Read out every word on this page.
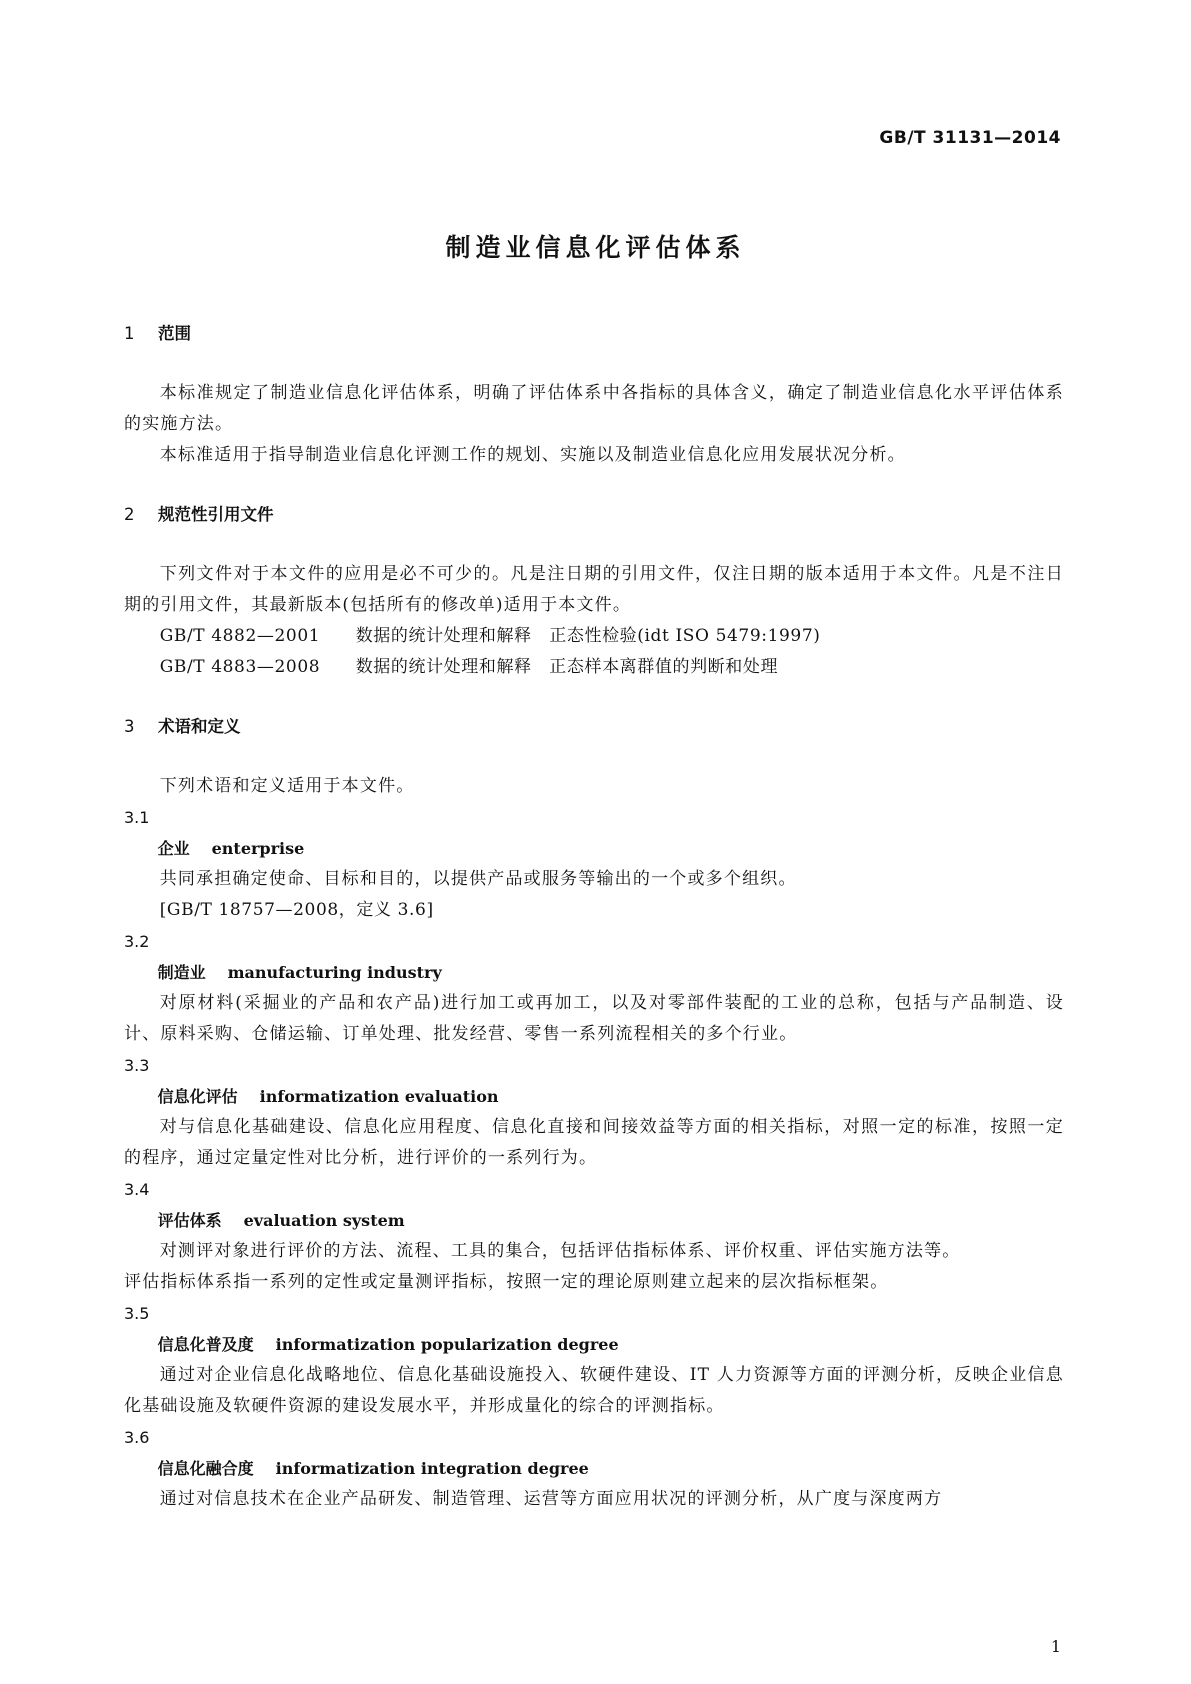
GB/T 31131—2014
制造业信息化评估体系
1 范围

本标准规定了制造业信息化评估体系，明确了评估体系中各指标的具体含义，确定了制造业信息化水平评估体系的实施方法。

本标准适用于指导制造业信息化评测工作的规划、实施以及制造业信息化应用发展状况分析。

2 规范性引用文件

下列文件对于本文件的应用是必不可少的。凡是注日期的引用文件，仅注日期的版本适用于本文件。凡是不注日期的引用文件，其最新版本(包括所有的修改单)适用于本文件。

GB/T 4882—2001 数据的统计处理和解释　正态性检验(idt ISO 5479:1997)
GB/T 4883—2008 数据的统计处理和解释　正态样本离群值的判断和处理
3 术语和定义

下列术语和定义适用于本文件。

3.1
企业 enterprise

共同承担确定使命、目标和目的，以提供产品或服务等输出的一个或多个组织。

[GB/T 18757—2008，定义 3.6]
3.2
制造业 manufacturing industry

对原材料(采掘业的产品和农产品)进行加工或再加工，以及对零部件装配的工业的总称，包括与产品制造、设计、原料采购、仓储运输、订单处理、批发经营、零售一系列流程相关的多个行业。

3.3
信息化评估 informatization evaluation

对与信息化基础建设、信息化应用程度、信息化直接和间接效益等方面的相关指标，对照一定的标准，按照一定的程序，通过定量定性对比分析，进行评价的一系列行为。

3.4
评估体系 evaluation system

对测评对象进行评价的方法、流程、工具的集合，包括评估指标体系、评价权重、评估实施方法等。

评估指标体系指一系列的定性或定量测评指标，按照一定的理论原则建立起来的层次指标框架。

3.5
信息化普及度 informatization popularization degree

通过对企业信息化战略地位、信息化基础设施投入、软硬件建设、IT 人力资源等方面的评测分析，反映企业信息化基础设施及软硬件资源的建设发展水平，并形成量化的综合的评测指标。

3.6
信息化融合度 informatization integration degree

通过对信息技术在企业产品研发、制造管理、运营等方面应用状况的评测分析，从广度与深度两方

1
